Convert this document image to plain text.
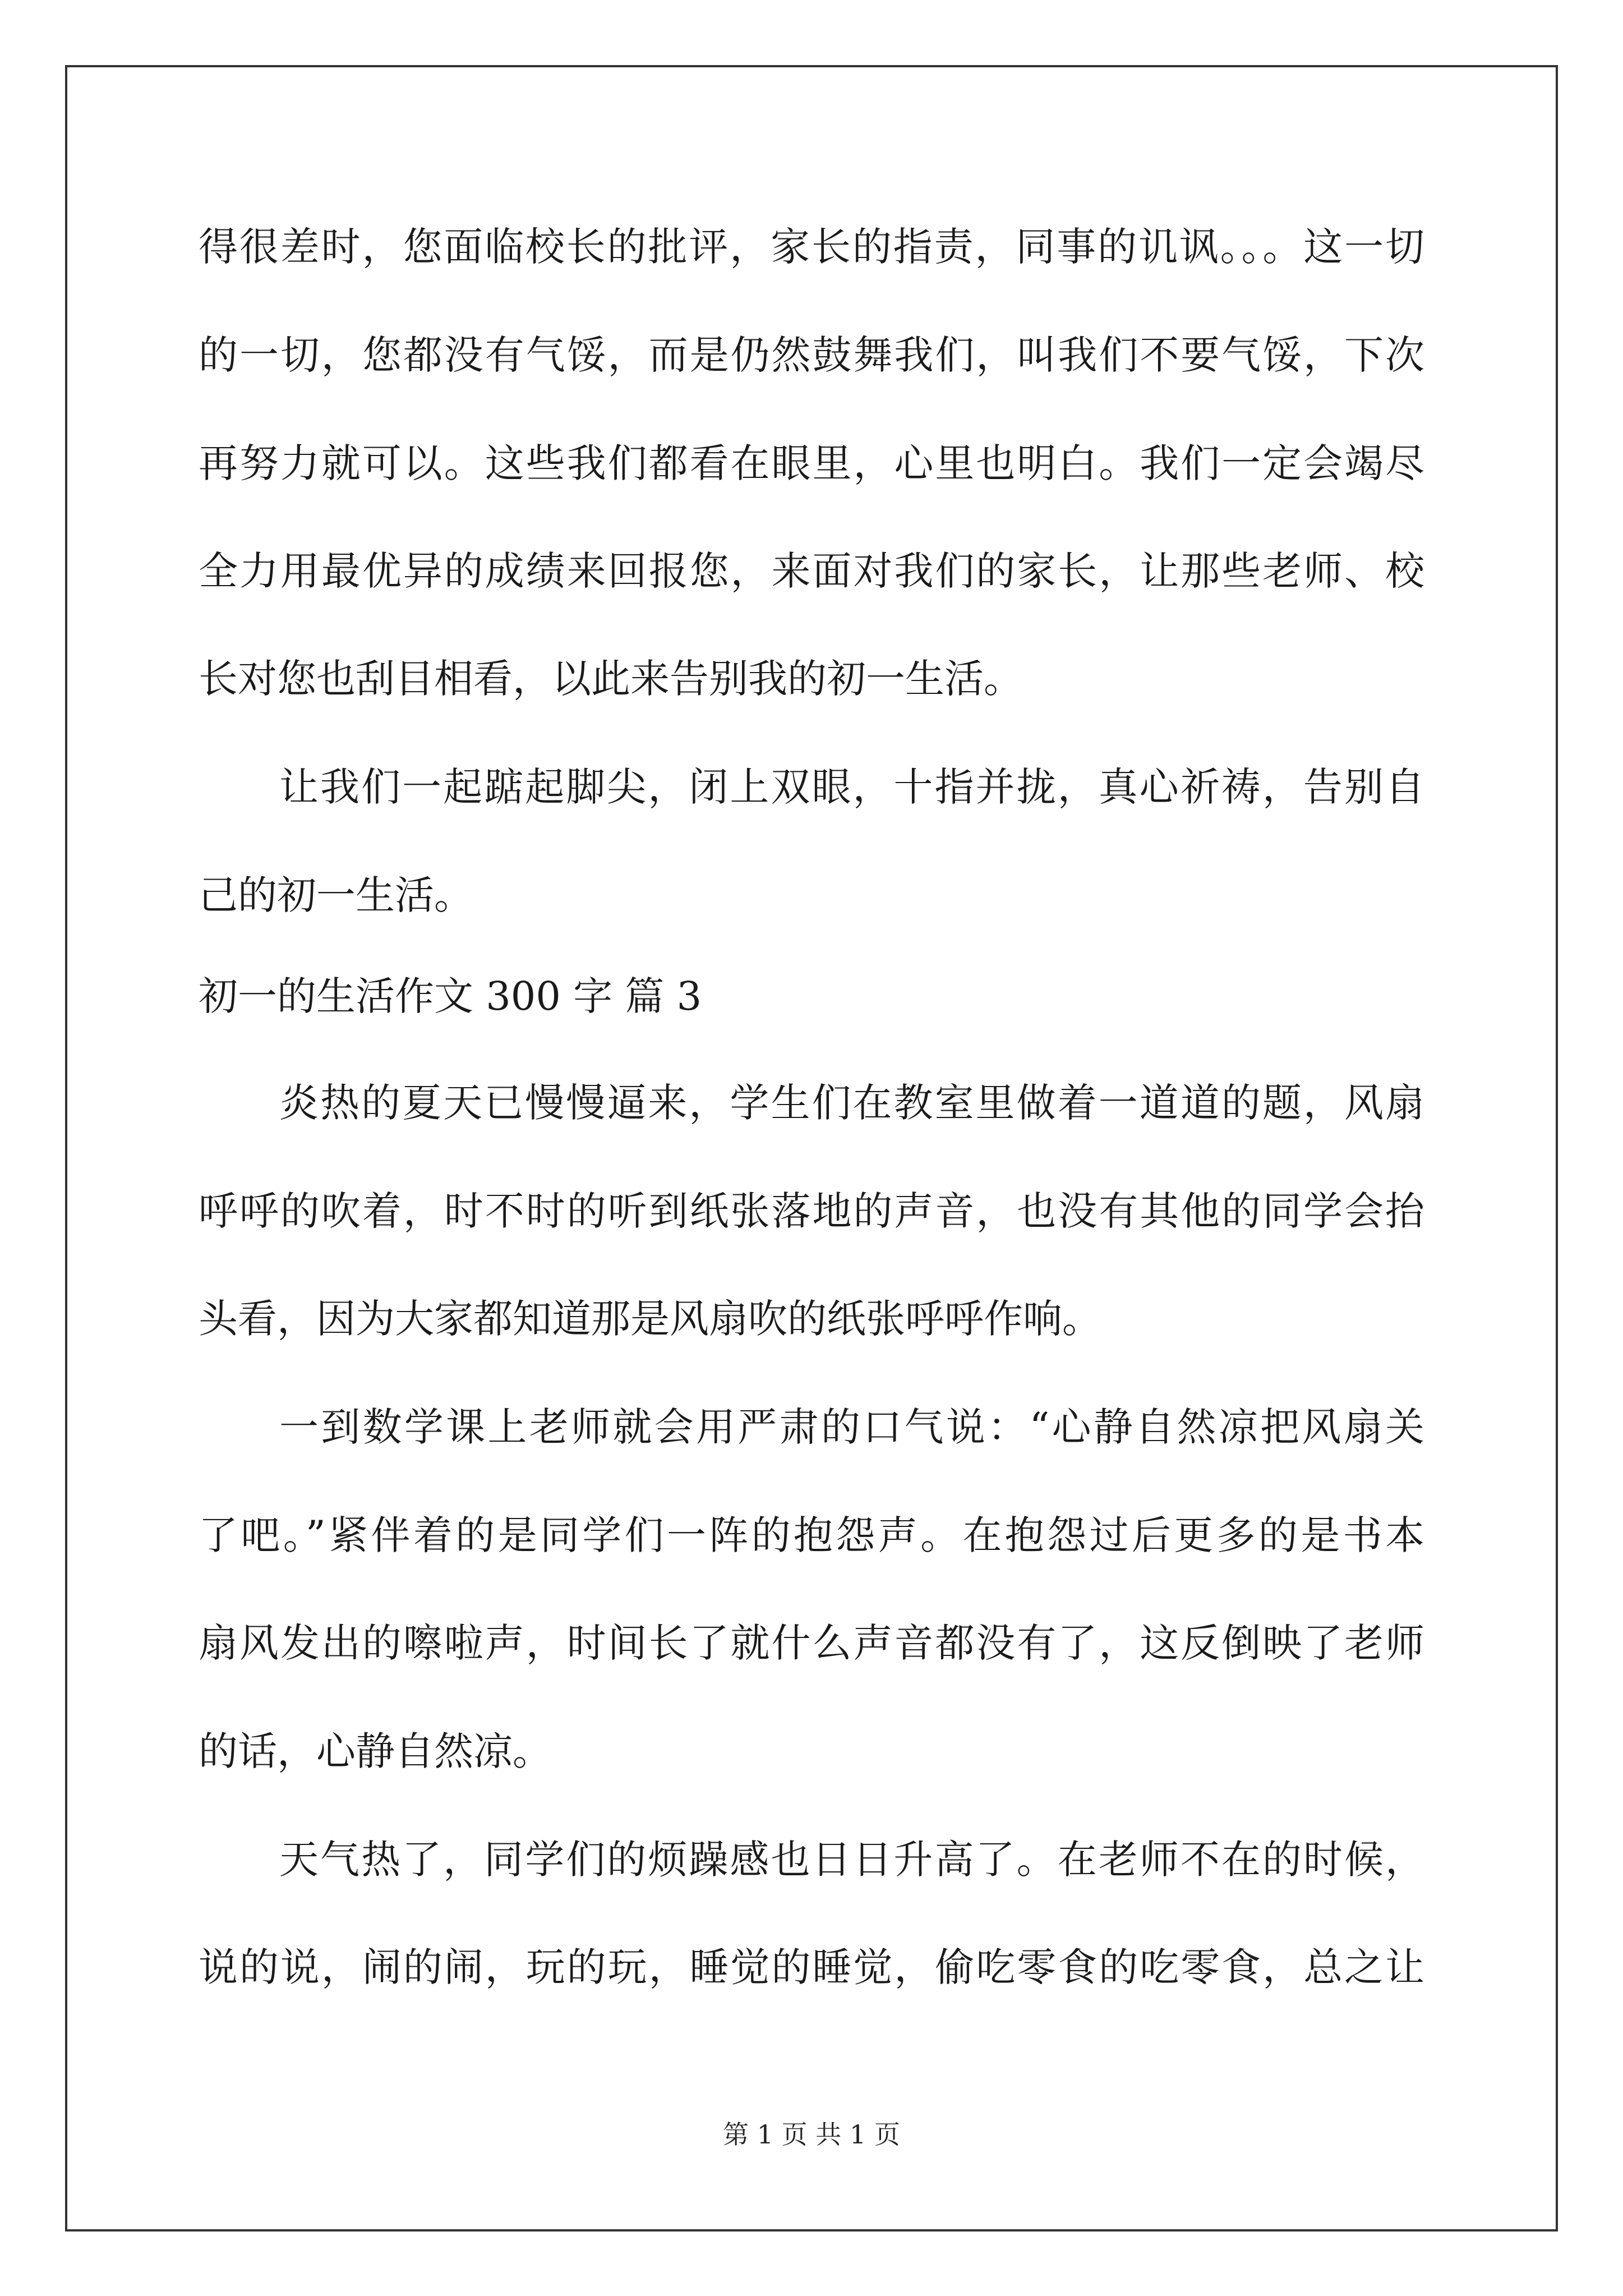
得很差时，您面临校长的批评，家长的指责，同事的讥讽。。。这一切
的一切，您都没有气馁，而是仍然鼓舞我们，叫我们不要气馁，下次
再努力就可以。这些我们都看在眼里，心里也明白。我们一定会竭尽
全力用最优异的成绩来回报您，来面对我们的家长，让那些老师、校
长对您也刮目相看，以此来告别我的初一生活。
让我们一起踮起脚尖，闭上双眼，十指并拢，真心祈祷，告别自
己的初一生活。
初一的生活作文 300 字 篇 3
炎热的夏天已慢慢逼来，学生们在教室里做着一道道的题，风扇
呼呼的吹着，时不时的听到纸张落地的声音，也没有其他的同学会抬
头看，因为大家都知道那是风扇吹的纸张呼呼作响。
一到数学课上老师就会用严肃的口气说：“心静自然凉把风扇关
了吧。”紧伴着的是同学们一阵的抱怨声。在抱怨过后更多的是书本
扇风发出的嚓啦声，时间长了就什么声音都没有了，这反倒映了老师
的话，心静自然凉。
天气热了，同学们的烦躁感也日日升高了。在老师不在的时候，
说的说，闹的闹，玩的玩，睡觉的睡觉，偷吃零食的吃零食，总之让
第 1 页 共 1 页
